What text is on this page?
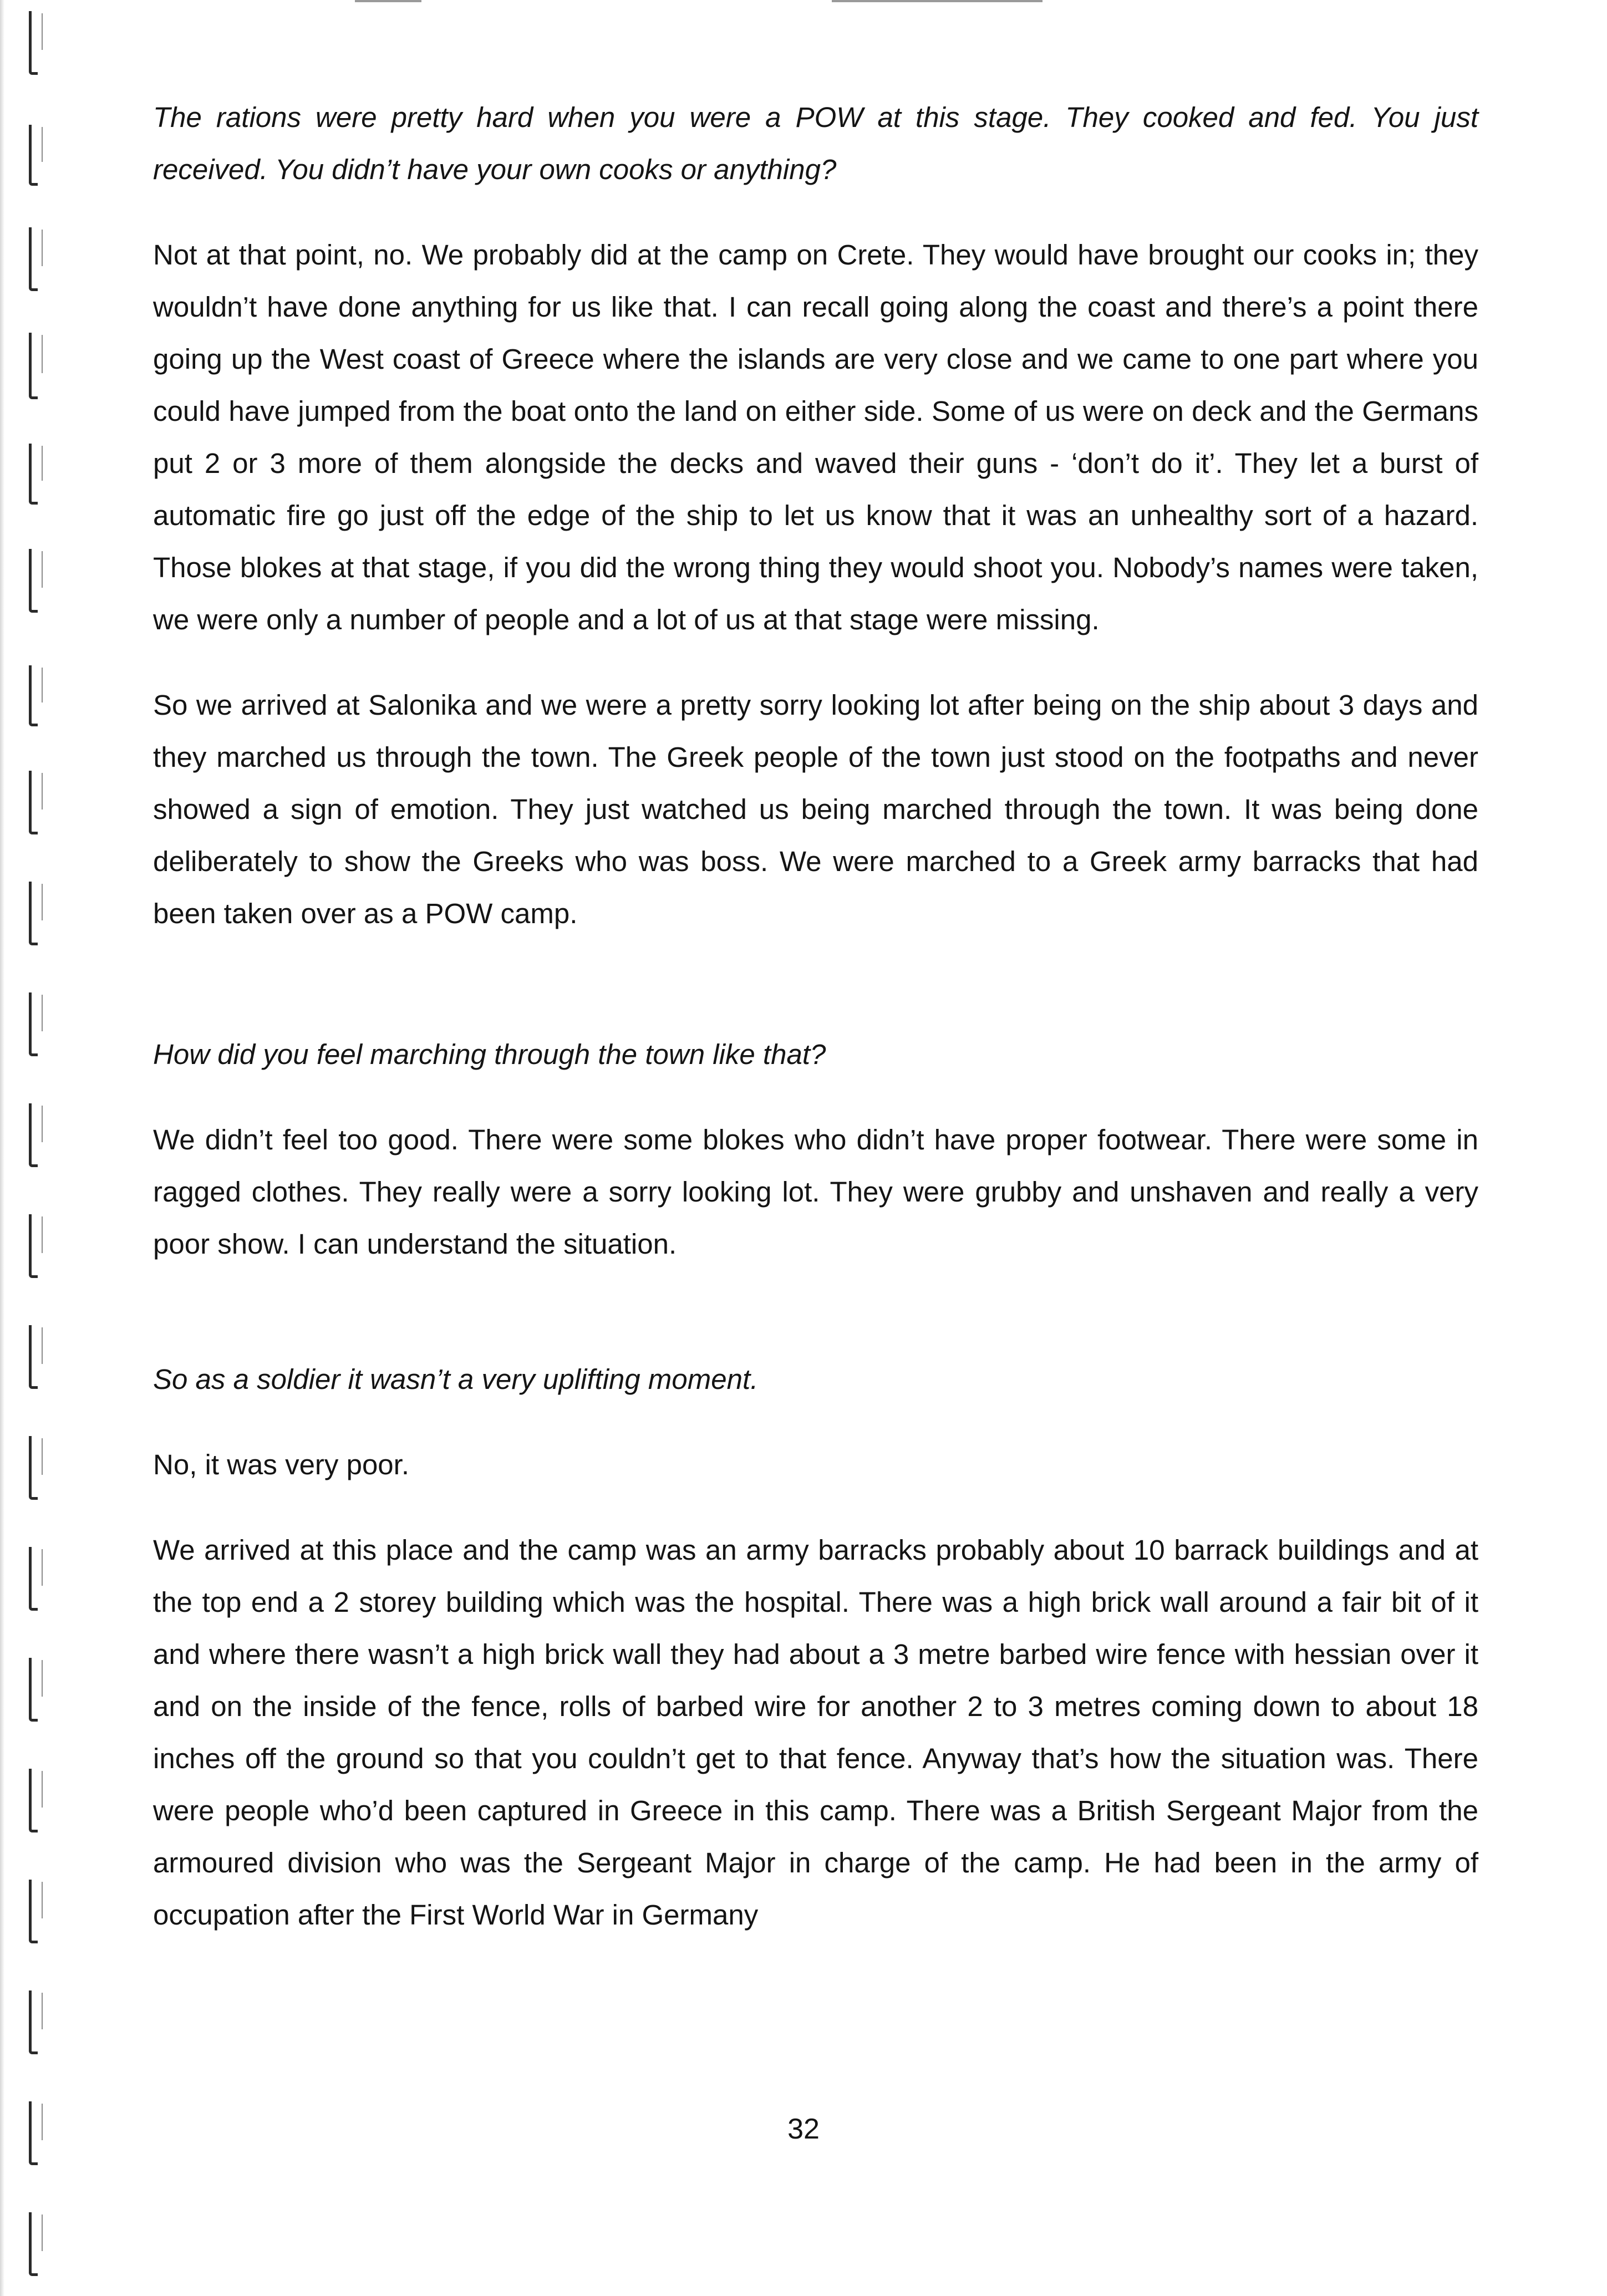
The rations were pretty hard when you were a POW at this stage. They cooked and fed. You just received. You didn’t have your own cooks or anything?

Not at that point, no. We probably did at the camp on Crete. They would have brought our cooks in; they wouldn’t have done anything for us like that. I can recall going along the coast and there’s a point there going up the West coast of Greece where the islands are very close and we came to one part where you could have jumped from the boat onto the land on either side. Some of us were on deck and the Germans put 2 or 3 more of them alongside the decks and waved their guns - ‘don’t do it’. They let a burst of automatic fire go just off the edge of the ship to let us know that it was an unhealthy sort of a hazard. Those blokes at that stage, if you did the wrong thing they would shoot you. Nobody’s names were taken, we were only a number of people and a lot of us at that stage were missing.

So we arrived at Salonika and we were a pretty sorry looking lot after being on the ship about 3 days and they marched us through the town. The Greek people of the town just stood on the footpaths and never showed a sign of emotion. They just watched us being marched through the town. It was being done deliberately to show the Greeks who was boss. We were marched to a Greek army barracks that had been taken over as a POW camp.

How did you feel marching through the town like that?

We didn’t feel too good. There were some blokes who didn’t have proper footwear. There were some in ragged clothes. They really were a sorry looking lot. They were grubby and unshaven and really a very poor show. I can understand the situation.

So as a soldier it wasn’t a very uplifting moment.

No, it was very poor.

We arrived at this place and the camp was an army barracks probably about 10 barrack buildings and at the top end a 2 storey building which was the hospital. There was a high brick wall around a fair bit of it and where there wasn’t a high brick wall they had about a 3 metre barbed wire fence with hessian over it and on the inside of the fence, rolls of barbed wire for another 2 to 3 metres coming down to about 18 inches off the ground so that you couldn’t get to that fence. Anyway that’s how the situation was. There were people who’d been captured in Greece in this camp. There was a British Sergeant Major from the armoured division who was the Sergeant Major in charge of the camp. He had been in the army of occupation after the First World War in Germany

32
